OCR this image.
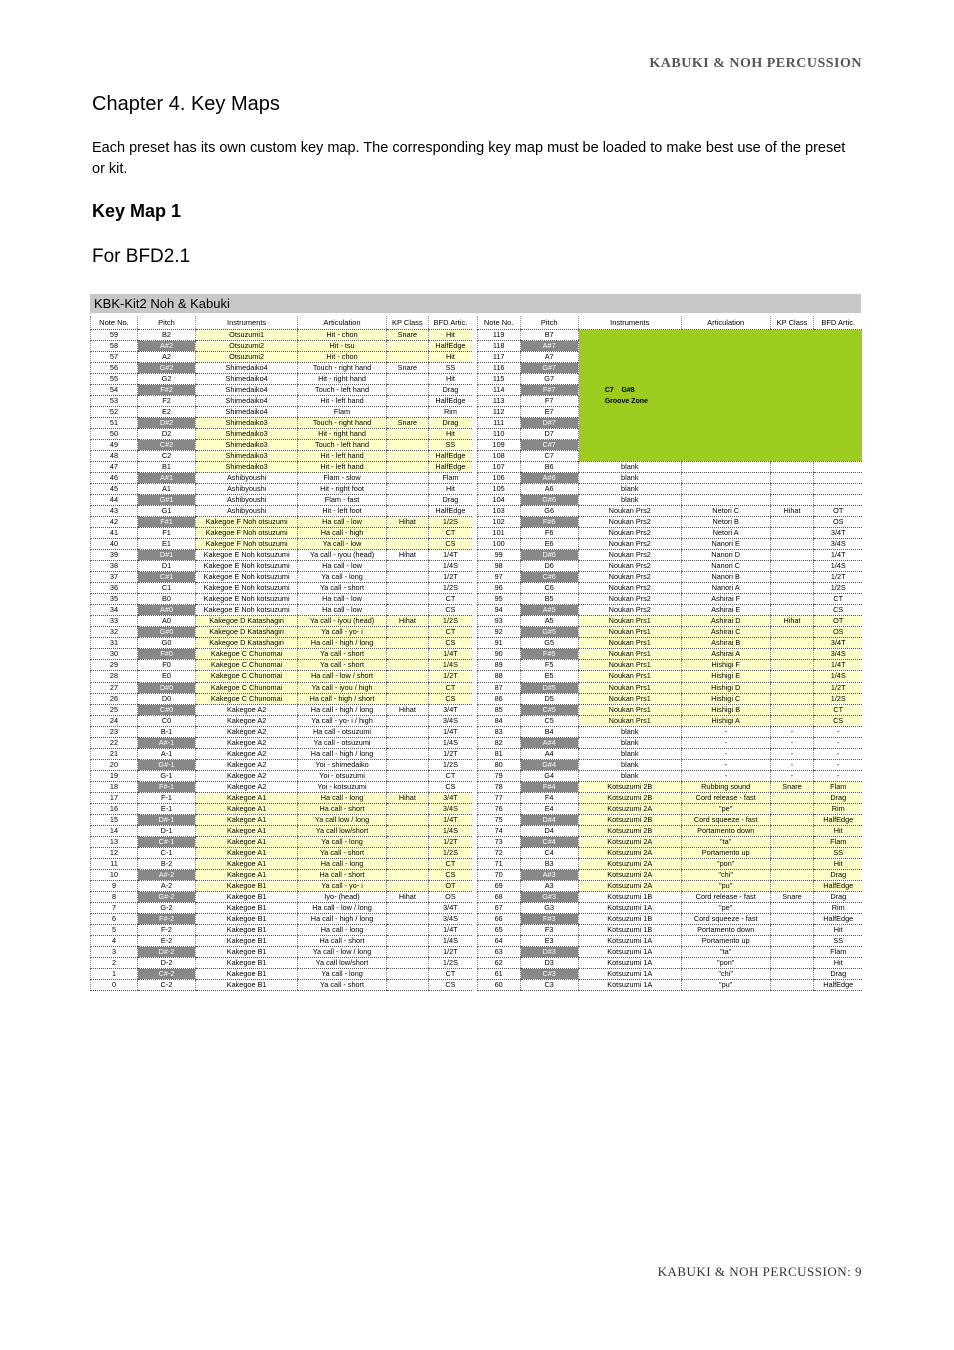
KABUKI & NOH PERCUSSION
Chapter 4. Key Maps
Each preset has its own custom key map. The corresponding key map must be loaded to make best use of the preset or kit.
Key Map 1
For BFD2.1
KBK-Kit2 Noh & Kabuki
Note No.	Pitch	Instruments	Articulation	KP Class	BFD Artic.		Note No.	Pitch	Instruments	Articulation	KP Class	BFD Artic.
59	B2	Otsuzumi1	Hit - chon	Snare	Hit		119	B7	C7    G#8
Groove Zone			
58	A#2	Otsuzumi2	Hit - tsu		HalfEdge		118	A#7				
57	A2	Otsuzumi2	Hit - chon		Hit		117	A7				
56	G#2	Shimedaiko4	Touch - right hand	Snare	SS		116	G#7				
55	G2	Shimedaiko4	Hit - right hand		Hit		115	G7				
54	F#2	Shimedaiko4	Touch - left hand		Drag		114	F#7				
53	F2	Shimedaiko4	Hit - left hand		HalfEdge		113	F7				
52	E2	Shimedaiko4	Flam		Rim		112	E7				
51	D#2	Shimedaiko3	Touch - right hand	Snare	Drag		111	D#7				
50	D2	Shimedaiko3	Hit - right hand		Hit		110	D7				
49	C#2	Shimedaiko3	Touch - left hand		SS		109	C#7				
48	C2	Shimedaiko3	Hit - left hand		HalfEdge		108	C7				
47	B1	Shimedaiko3	Hit - left hand		HalfEdge		107	B6	blank			
46	A#1	Ashibyoushi	Flam - slow		Flam		106	A#6	blank			
45	A1	Ashibyoushi	Hit - right foot		Hit		105	A6	blank			
44	G#1	Ashibyoushi	Flam - fast		Drag		104	G#6	blank			
43	G1	Ashibyoushi	Hit - left foot		HalfEdge		103	G6	Noukan Prs2	Netori C	Hihat	OT
42	F#1	Kakegoe F Noh otsuzumi	Ha call - low	Hihat	1/2S		102	F#6	Noukan Prs2	Netori B		OS
41	F1	Kakegoe F Noh otsuzumi	Ha call - high		CT		101	F6	Noukan Prs2	Netori A		3/4T
40	E1	Kakegoe F Noh otsuzumi	Ya call - low		CS		100	E6	Noukan Prs2	Nanori E		3/4S
39	D#1	Kakegoe E Noh kotsuzumi	Ya call - iyou (head)	Hihat	1/4T		99	D#6	Noukan Prs2	Nanori D		1/4T
38	D1	Kakegoe E Noh kotsuzumi	Ha call - low		1/4S		98	D6	Noukan Prs2	Nanori C		1/4S
37	C#1	Kakegoe E Noh kotsuzumi	Ya call - long		1/2T		97	C#6	Noukan Prs2	Nanori B		1/2T
36	C1	Kakegoe E Noh kotsuzumi	Ya call - short		1/2S		96	C6	Noukan Prs2	Nanori A		1/2S
35	B0	Kakegoe E Noh kotsuzumi	Ha call - low		CT		95	B5	Noukan Prs2	Ashirai F		CT
34	A#0	Kakegoe E Noh kotsuzumi	Ha call - low		CS		94	A#5	Noukan Prs2	Ashirai E		CS
33	A0	Kakegoe D Katashagiri	Ya call - iyou (head)	Hihat	1/2S		93	A5	Noukan Prs1	Ashirai D	Hihat	OT
32	G#0	Kakegoe D Katashagiri	Ya call - yo- i		CT		92	G#5	Noukan Prs1	Ashirai C		OS
31	G0	Kakegoe D Katashagiri	Ha call - high / long		CS		91	G5	Noukan Prs1	Ashirai B		3/4T
30	F#0	Kakegoe C Chunomai	Ya call - short		1/4T		90	F#5	Noukan Prs1	Ashirai A		3/4S
29	F0	Kakegoe C Chunomai	Ya call - short		1/4S		89	F5	Noukan Prs1	Hishigi F		1/4T
28	E0	Kakegoe C Chunomai	Ha call - low / short		1/2T		88	E5	Noukan Prs1	Hishigi E		1/4S
27	D#0	Kakegoe C Chunomai	Ya call - iyou / high		CT		87	D#5	Noukan Prs1	Hishigi D		1/2T
26	D0	Kakegoe C Chunomai	Ha call - high / short		CS		86	D5	Noukan Prs1	Hishigi C		1/2S
25	C#0	Kakegoe A2	Ha call - high / long	Hihat	3/4T		85	C#5	Noukan Prs1	Hishigi B		CT
24	C0	Kakegoe A2	Ya call - yo- i / high		3/4S		84	C5	Noukan Prs1	Hishigi A		CS
23	B-1	Kakegoe A2	Ha call - otsuzumi		1/4T		83	B4	blank	-	-	-
22	A#-1	Kakegoe A2	Ya call - otsuzumi		1/4S		82	A#4	blank	-	-	-
21	A-1	Kakegoe A2	Ha call - high / long		1/2T		81	A4	blank	-	-	-
20	G#-1	Kakegoe A2	Yoi - shimedaiko		1/2S		80	G#4	blank	-	-	-
19	G-1	Kakegoe A2	Yoi - otsuzumi		CT		79	G4	blank	-	-	-
18	F#-1	Kakegoe A2	Yoi - kotsuzumi		CS		78	F#4	Kotsuzumi 2B	Rubbing sound	Snare	Flam
17	F-1	Kakegoe A1	Ha call - long	Hihat	3/4T		77	F4	Kotsuzumi 2B	Cord release - fast		Drag
16	E-1	Kakegoe A1	Ha call - short		3/4S		76	E4	Kotsuzumi 2A	"pe"		Rim
15	D#-1	Kakegoe A1	Ya call low / long		1/4T		75	D#4	Kotsuzumi 2B	Cord squeeze - fast		HalfEdge
14	D-1	Kakegoe A1	Ya call low/short		1/4S		74	D4	Kotsuzumi 2B	Portamento down		Hit
13	C#-1	Kakegoe A1	Ya call - long		1/2T		73	C#4	Kotsuzumi 2A	"ta"		Flam
12	C-1	Kakegoe A1	Ya call - short		1/2S		72	C4	Kotsuzumi 2A	Portamento up		SS
11	B-2	Kakegoe A1	Ha call - long		CT		71	B3	Kotsuzumi 2A	"pon"		Hit
10	A#-2	Kakegoe A1	Ha call - short		CS		70	A#3	Kotsuzumi 2A	"chi"		Drag
9	A-2	Kakegoe B1	Ya call - yo- i		OT		69	A3	Kotsuzumi 2A	"pu"		HalfEdge
8	G#-2	Kakegoe B1	Iyo- (head)	Hihat	OS		68	G#3	Kotsuzumi 1B	Cord release - fast	Snare	Drag
7	G-2	Kakegoe B1	Ha call - low / long		3/4T		67	G3	Kotsuzumi 1A	"pe"		Rim
6	F#-2	Kakegoe B1	Ha call - high / long		3/4S		66	F#3	Kotsuzumi 1B	Cord squeeze - fast		HalfEdge
5	F-2	Kakegoe B1	Ha call - long		1/4T		65	F3	Kotsuzumi 1B	Portamento down		Hit
4	E-2	Kakegoe B1	Ha call - short		1/4S		64	E3	Kotsuzumi 1A	Portamento up		SS
3	D#-2	Kakegoe B1	Ya call - low / long		1/2T		63	D#3	Kotsuzumi 1A	"ta"		Flam
2	D-2	Kakegoe B1	Ya call low/short		1/2S		62	D3	Kotsuzumi 1A	"pon"		Hit
1	C#-2	Kakegoe B1	Ya call - long		CT		61	C#3	Kotsuzumi 1A	"chi"		Drag
0	C-2	Kakegoe B1	Ya call - short		CS		60	C3	Kotsuzumi 1A	"pu"		HalfEdge
KABUKI & NOH PERCUSSION: 9
